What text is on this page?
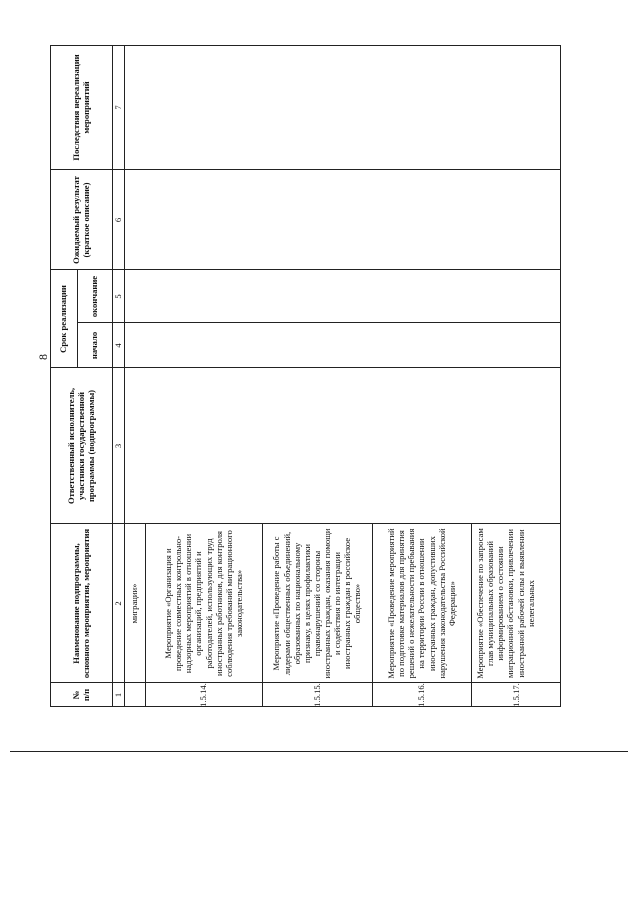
8
№
п/п
Наименование подпрограммы, основного мероприятия, мероприятия
Ответственный исполнитель, участники государственной программы (подпрограммы)
Срок реализации	начало
окончание
Ожидаемый результат (краткое описание)
Последствия нереализации мероприятий
1
2
3
4
5
6
7
миграции»
1.5.14.
Мероприятие «Организация и проведение совместных контрольно-надзорных мероприятий в отношении организаций, предприятий и работодателей, использующих труд иностранных работников, для контроля соблюдения требований миграционного законодательства»
1.5.15.
Мероприятие «Проведение работы с лидерами общественных объединений, образованных по национальному признаку, в целях профилактики правонарушений со стороны иностранных граждан, оказания помощи и содействия по интеграции иностранных граждан в российское общество»
1.5.16.
Мероприятие «Проведение мероприятий по подготовке материалов для принятия решений о нежелательности пребывания на территории России в отношении иностранных граждан, допустивших нарушения законодательства Российской Федерации»
1.5.17.
Мероприятие «Обеспечение по запросам глав муниципальных образований информированием о состоянии миграционной обстановки, привлечении иностранной рабочей силы и выявлении нелегальных
